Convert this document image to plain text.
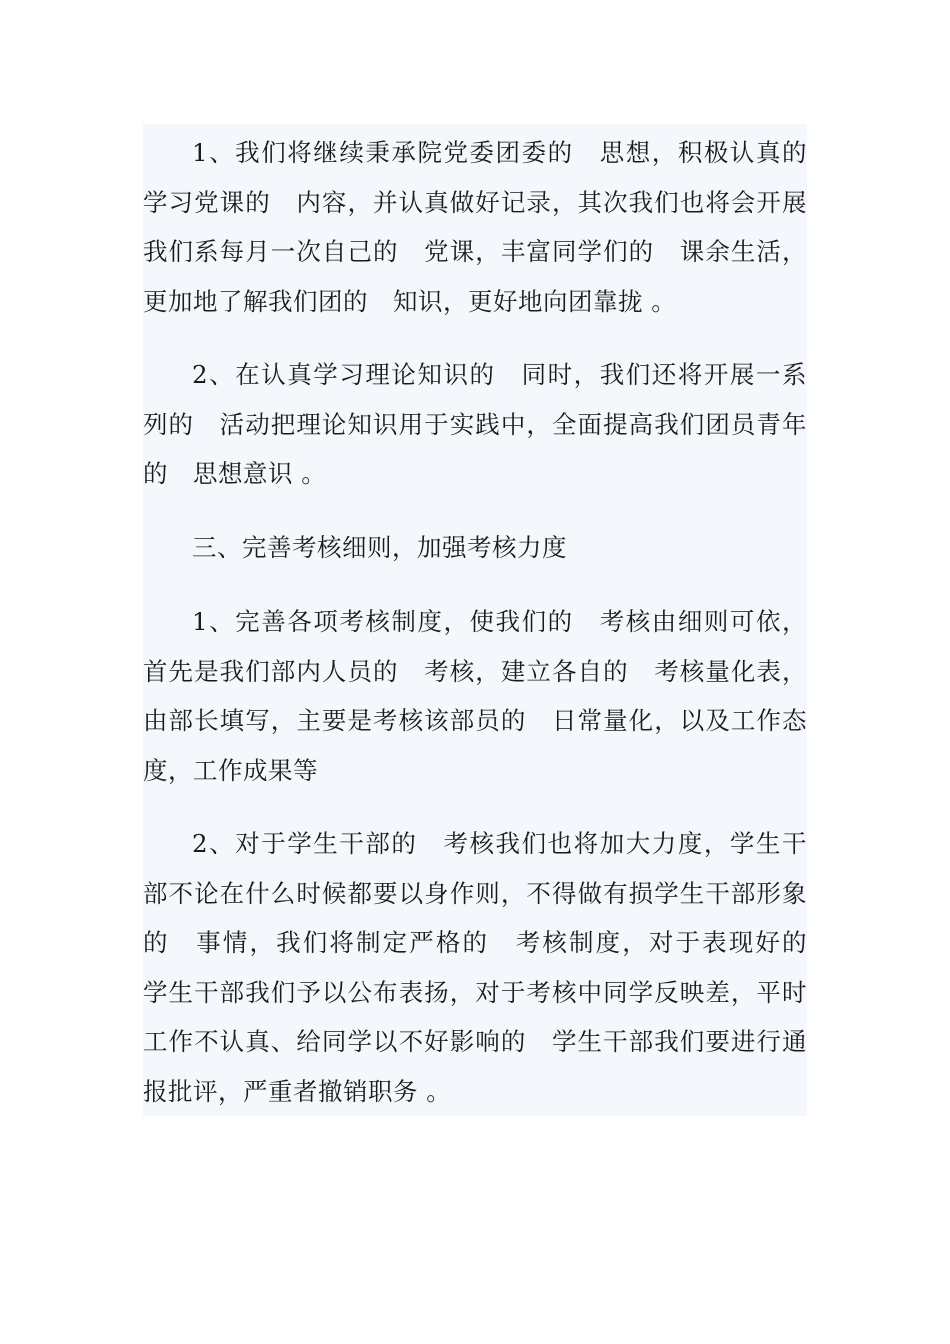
1、我们将继续秉承院党委团委的　思想，积极认真的学习党课的　内容，并认真做好记录，其次我们也将会开展我们系每月一次自己的　党课，丰富同学们的　课余生活，更加地了解我们团的　知识，更好地向团靠拢 。

2、在认真学习理论知识的　同时，我们还将开展一系列的　活动把理论知识用于实践中，全面提高我们团员青年的　思想意识 。

三、完善考核细则，加强考核力度

1、完善各项考核制度，使我们的　考核由细则可依，首先是我们部内人员的　考核，建立各自的　考核量化表，由部长填写，主要是考核该部员的　日常量化，以及工作态度，工作成果等

2、对于学生干部的　考核我们也将加大力度，学生干部不论在什么时候都要以身作则，不得做有损学生干部形象的　事情，我们将制定严格的　考核制度，对于表现好的　学生干部我们予以公布表扬，对于考核中同学反映差，平时工作不认真、给同学以不好影响的　学生干部我们要进行通报批评，严重者撤销职务 。
